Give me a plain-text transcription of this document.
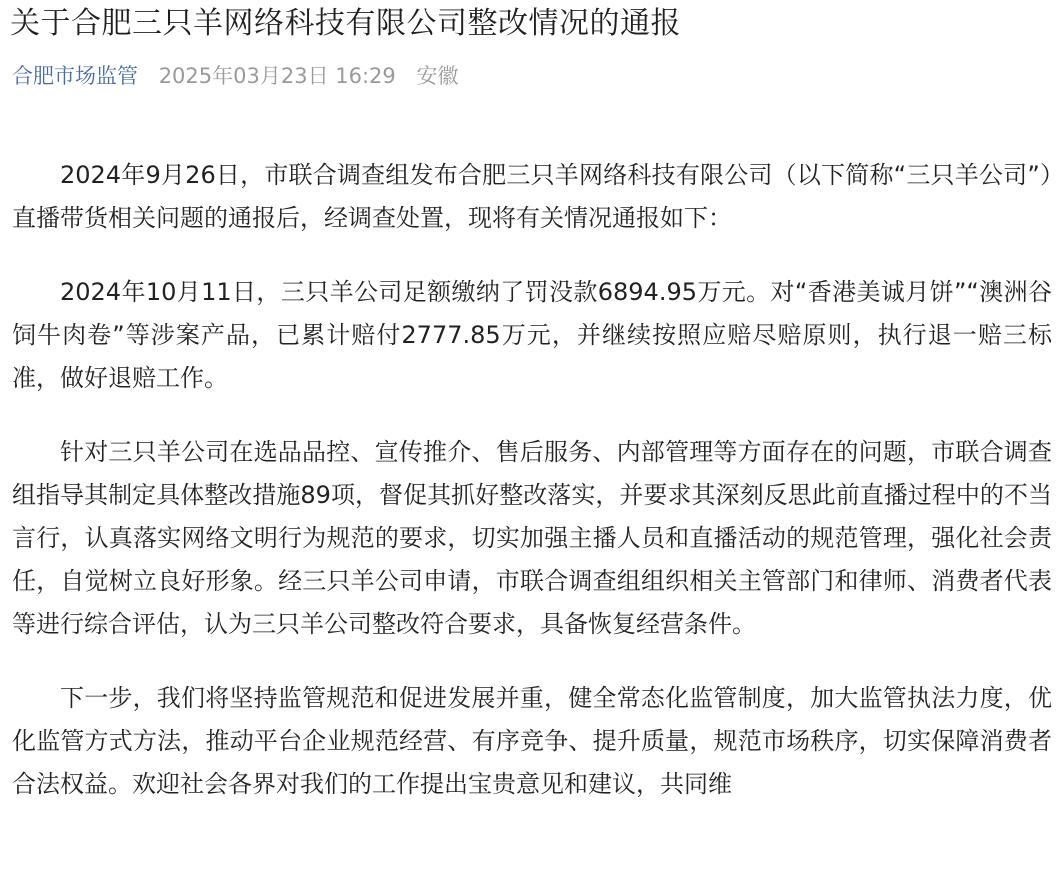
关于合肥三只羊网络科技有限公司整改情况的通报
合肥市场监管 2025年03月23日 16:29 安徽

2024年9月26日，市联合调查组发布合肥三只羊网络科技有限公司（以下简称“三只羊公司”）直播带货相关问题的通报后，经调查处置，现将有关情况通报如下：

2024年10月11日，三只羊公司足额缴纳了罚没款6894.95万元。对“香港美诚月饼”“澳洲谷饲牛肉卷”等涉案产品，已累计赔付2777.85万元，并继续按照应赔尽赔原则，执行退一赔三标准，做好退赔工作。

针对三只羊公司在选品品控、宣传推介、售后服务、内部管理等方面存在的问题，市联合调查组指导其制定具体整改措施89项，督促其抓好整改落实，并要求其深刻反思此前直播过程中的不当言行，认真落实网络文明行为规范的要求，切实加强主播人员和直播活动的规范管理，强化社会责任，自觉树立良好形象。经三只羊公司申请，市联合调查组组织相关主管部门和律师、消费者代表等进行综合评估，认为三只羊公司整改符合要求，具备恢复经营条件。

下一步，我们将坚持监管规范和促进发展并重，健全常态化监管制度，加大监管执法力度，优化监管方式方法，推动平台企业规范经营、有序竞争、提升质量，规范市场秩序，切实保障消费者合法权益。欢迎社会各界对我们的工作提出宝贵意见和建议，共同维
